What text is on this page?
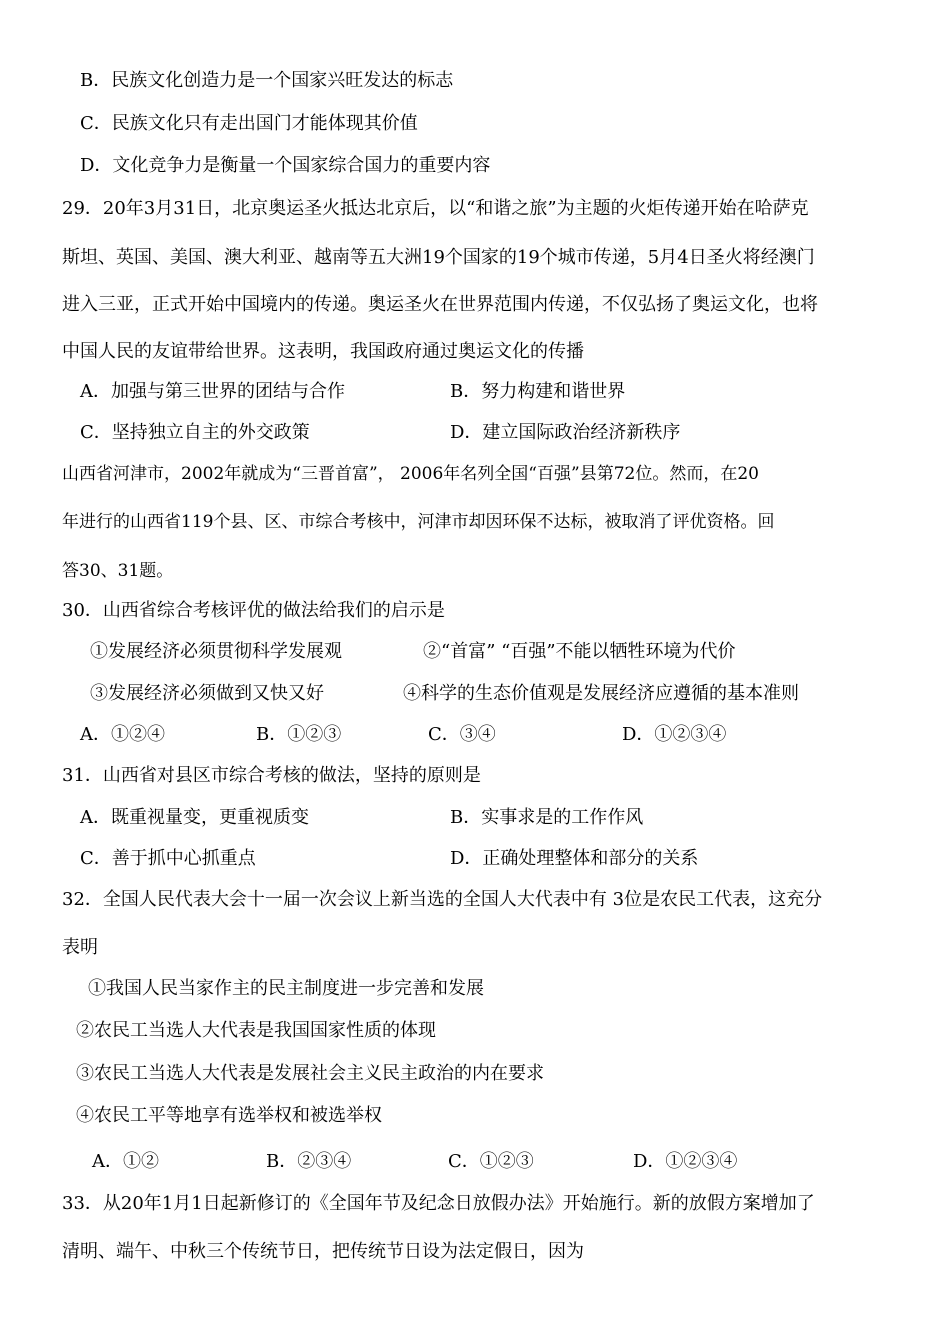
B．民族文化创造力是一个国家兴旺发达的标志
C．民族文化只有走出国门才能体现其价值
D．文化竞争力是衡量一个国家综合国力的重要内容
29．20年3月31日，北京奥运圣火抵达北京后，以“和谐之旅”为主题的火炬传递开始在哈萨克
斯坦、英国、美国、澳大利亚、越南等五大洲19个国家的19个城市传递，5月4日圣火将经澳门
进入三亚，正式开始中国境内的传递。奥运圣火在世界范围内传递，不仅弘扬了奥运文化，也将
中国人民的友谊带给世界。这表明，我国政府通过奥运文化的传播
A．加强与第三世界的团结与合作	B．努力构建和谐世界
C．坚持独立自主的外交政策	D．建立国际政治经济新秩序
山西省河津市，2002年就成为“三晋首富”， 2006年名列全国“百强”县第72位。然而，在20
年进行的山西省119个县、区、市综合考核中，河津市却因环保不达标，被取消了评优资格。回
答30、31题。
30．山西省综合考核评优的做法给我们的启示是
①发展经济必须贯彻科学发展观	②“首富” “百强”不能以牺牲环境为代价
③发展经济必须做到又快又好	④科学的生态价值观是发展经济应遵循的基本准则
A．①②④	B．①②③	C．③④	D．①②③④
31．山西省对县区市综合考核的做法，坚持的原则是
A．既重视量变，更重视质变	B．实事求是的工作作风
C．善于抓中心抓重点	D．正确处理整体和部分的关系
32．全国人民代表大会十一届一次会议上新当选的全国人大代表中有 3位是农民工代表，这充分
表明
①我国人民当家作主的民主制度进一步完善和发展
②农民工当选人大代表是我国国家性质的体现
③农民工当选人大代表是发展社会主义民主政治的内在要求
④农民工平等地享有选举权和被选举权
A．①②	B．②③④	C．①②③	D．①②③④
33．从20年1月1日起新修订的《全国年节及纪念日放假办法》开始施行。新的放假方案增加了
清明、端午、中秋三个传统节日，把传统节日设为法定假日，因为
